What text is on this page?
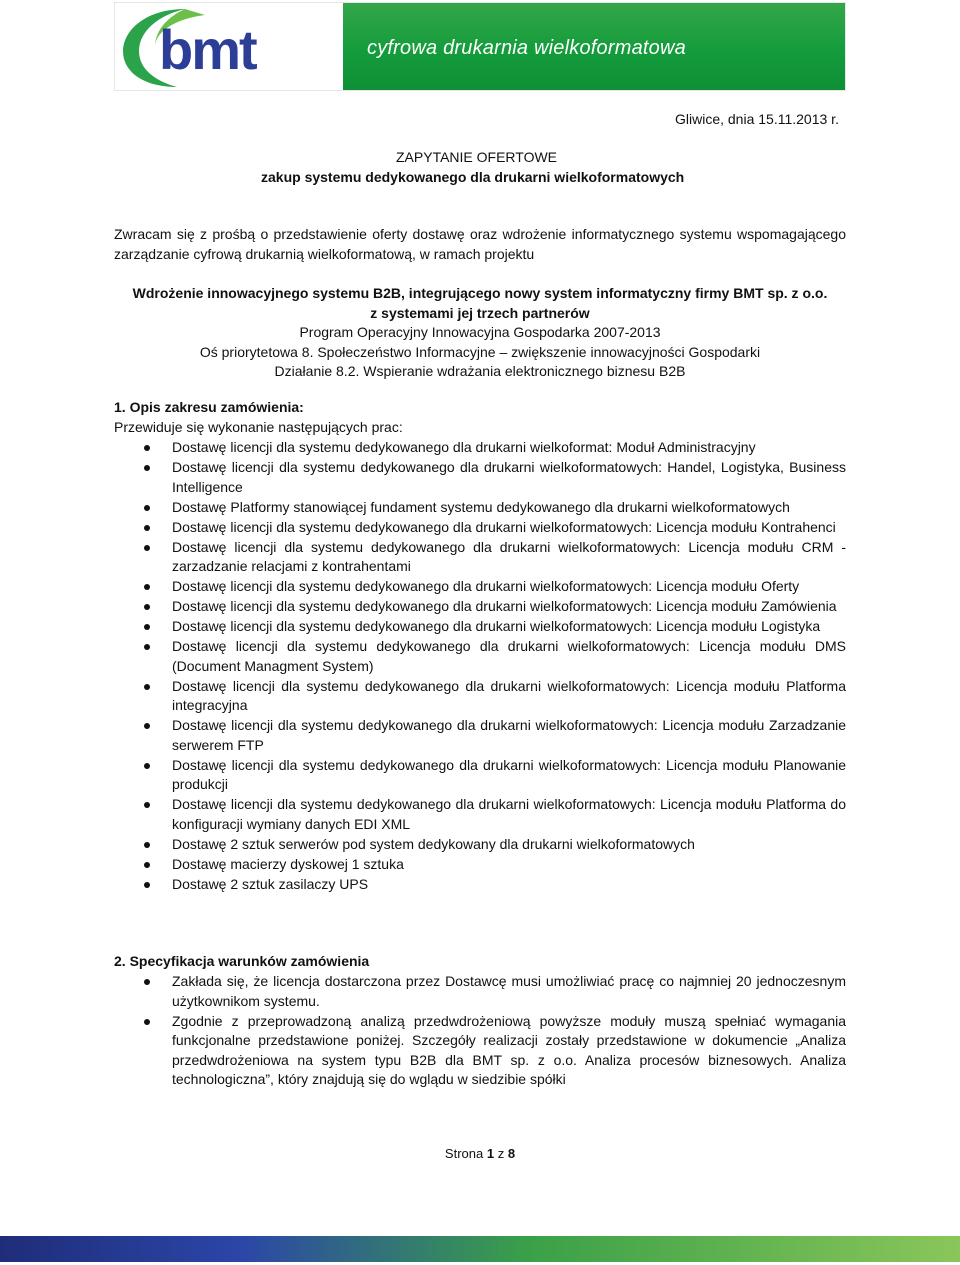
bmt	cyfrowa drukarnia wielkoformatowa
Gliwice, dnia 15.11.2013 r.
ZAPYTANIE OFERTOWE
zakup systemu dedykowanego dla drukarni wielkoformatowych
Zwracam się z prośbą o przedstawienie oferty dostawę oraz wdrożenie informatycznego systemu wspomagającego zarządzanie cyfrową drukarnią wielkoformatową, w ramach projektu
Wdrożenie innowacyjnego systemu B2B, integrującego nowy system informatyczny firmy BMT sp. z o.o.
z systemami jej trzech partnerów
Program Operacyjny Innowacyjna Gospodarka 2007-2013
Oś priorytetowa 8. Społeczeństwo Informacyjne – zwiększenie innowacyjności Gospodarki
Działanie 8.2. Wspieranie wdrażania elektronicznego biznesu B2B
1. Opis zakresu zamówienia:
Przewiduje się wykonanie następujących prac:
Dostawę licencji dla systemu dedykowanego dla drukarni wielkoformat: Moduł Administracyjny
Dostawę licencji dla systemu dedykowanego dla drukarni wielkoformatowych: Handel, Logistyka, Business Intelligence
Dostawę Platformy stanowiącej fundament systemu dedykowanego dla drukarni wielkoformatowych
Dostawę licencji dla systemu dedykowanego dla drukarni wielkoformatowych: Licencja modułu Kontrahenci
Dostawę licencji dla systemu dedykowanego dla drukarni wielkoformatowych: Licencja modułu CRM - zarzadzanie relacjami z kontrahentami
Dostawę licencji dla systemu dedykowanego dla drukarni wielkoformatowych: Licencja modułu Oferty
Dostawę licencji dla systemu dedykowanego dla drukarni wielkoformatowych: Licencja modułu Zamówienia
Dostawę licencji dla systemu dedykowanego dla drukarni wielkoformatowych: Licencja modułu Logistyka
Dostawę licencji dla systemu dedykowanego dla drukarni wielkoformatowych: Licencja modułu DMS (Document Managment System)
Dostawę licencji dla systemu dedykowanego dla drukarni wielkoformatowych: Licencja modułu Platforma integracyjna
Dostawę licencji dla systemu dedykowanego dla drukarni wielkoformatowych: Licencja modułu Zarzadzanie serwerem FTP
Dostawę licencji dla systemu dedykowanego dla drukarni wielkoformatowych: Licencja modułu Planowanie produkcji
Dostawę licencji dla systemu dedykowanego dla drukarni wielkoformatowych: Licencja modułu Platforma do konfiguracji wymiany danych EDI XML
Dostawę 2 sztuk serwerów pod system dedykowany dla drukarni wielkoformatowych
Dostawę macierzy dyskowej 1 sztuka
Dostawę 2 sztuk zasilaczy UPS
2. Specyfikacja warunków zamówienia
Zakłada się, że licencja dostarczona przez Dostawcę musi umożliwiać pracę co najmniej 20 jednoczesnym użytkownikom systemu.
Zgodnie z przeprowadzoną analizą przedwdrożeniową powyższe moduły muszą spełniać wymagania funkcjonalne przedstawione poniżej. Szczegóły realizacji zostały przedstawione w dokumencie „Analiza przedwdrożeniowa na system typu B2B dla BMT sp. z o.o. Analiza procesów biznesowych. Analiza technologiczna”, który znajdują się do wglądu w siedzibie spółki
Strona 1 z 8
